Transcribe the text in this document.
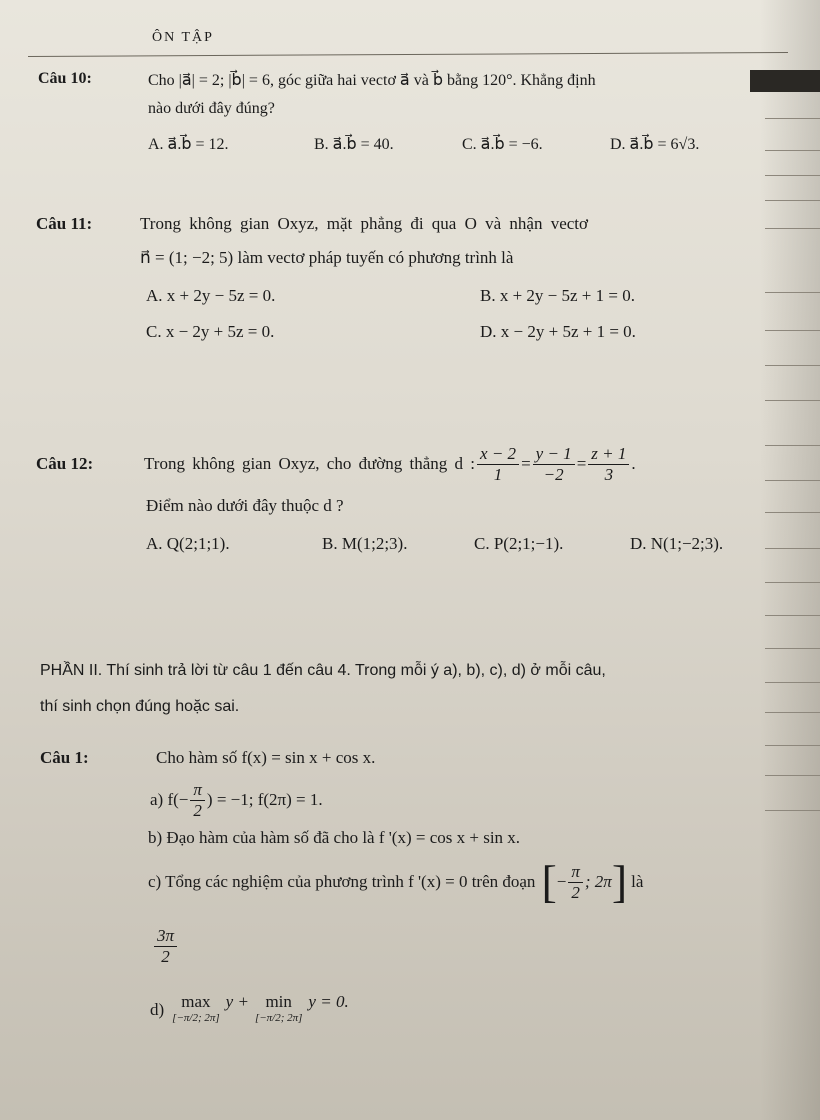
ÔN TẬP
Câu 10:	Cho |a⃗| = 2; |b⃗| = 6, góc giữa hai vectơ a⃗ và b⃗ bằng 120°. Khẳng định
nào dưới đây đúng?
A. a⃗.b⃗ = 12.	B. a⃗.b⃗ = 40.	C. a⃗.b⃗ = −6.	D. a⃗.b⃗ = 6√3.
Câu 11:	Trong không gian Oxyz, mặt phẳng đi qua O và nhận vectơ
n⃗ = (1; −2; 5) làm vectơ pháp tuyến có phương trình là
A. x + 2y − 5z = 0.	B. x + 2y − 5z + 1 = 0.
C. x − 2y + 5z = 0.	D. x − 2y + 5z + 1 = 0.
Câu 12:	Trong không gian Oxyz, cho đường thẳng d : $\frac{x - 2}{1} = \frac{y - 1}{-2} = \frac{z + 1}{3}$ .
Điểm nào dưới đây thuộc d ?
A. Q(2;1;1).	B. M(1;2;3).	C. P(2;1;−1).	D. N(1;−2;3).
PHẦN II. Thí sinh trả lời từ câu 1 đến câu 4. Trong mỗi ý a), b), c), d) ở mỗi câu,
thí sinh chọn đúng hoặc sai.
Câu 1:	Cho hàm số f(x) = sin x + cos x.
a) $f(- \frac{\pi}{2}$ ) = −1; f(2π) = 1.
b) Đạo hàm của hàm số đã cho là f '(x) = cos x + sin x.
c) Tổng các nghiệm của phương trình f '(x) = 0 trên đoạn [ − $\frac{\pi}{2}$ ; 2π ] là
$\frac{3\pi}{2}$
d) max
[−π/2; 2π]
y + min
[−π/2; 2π]
y = 0.
